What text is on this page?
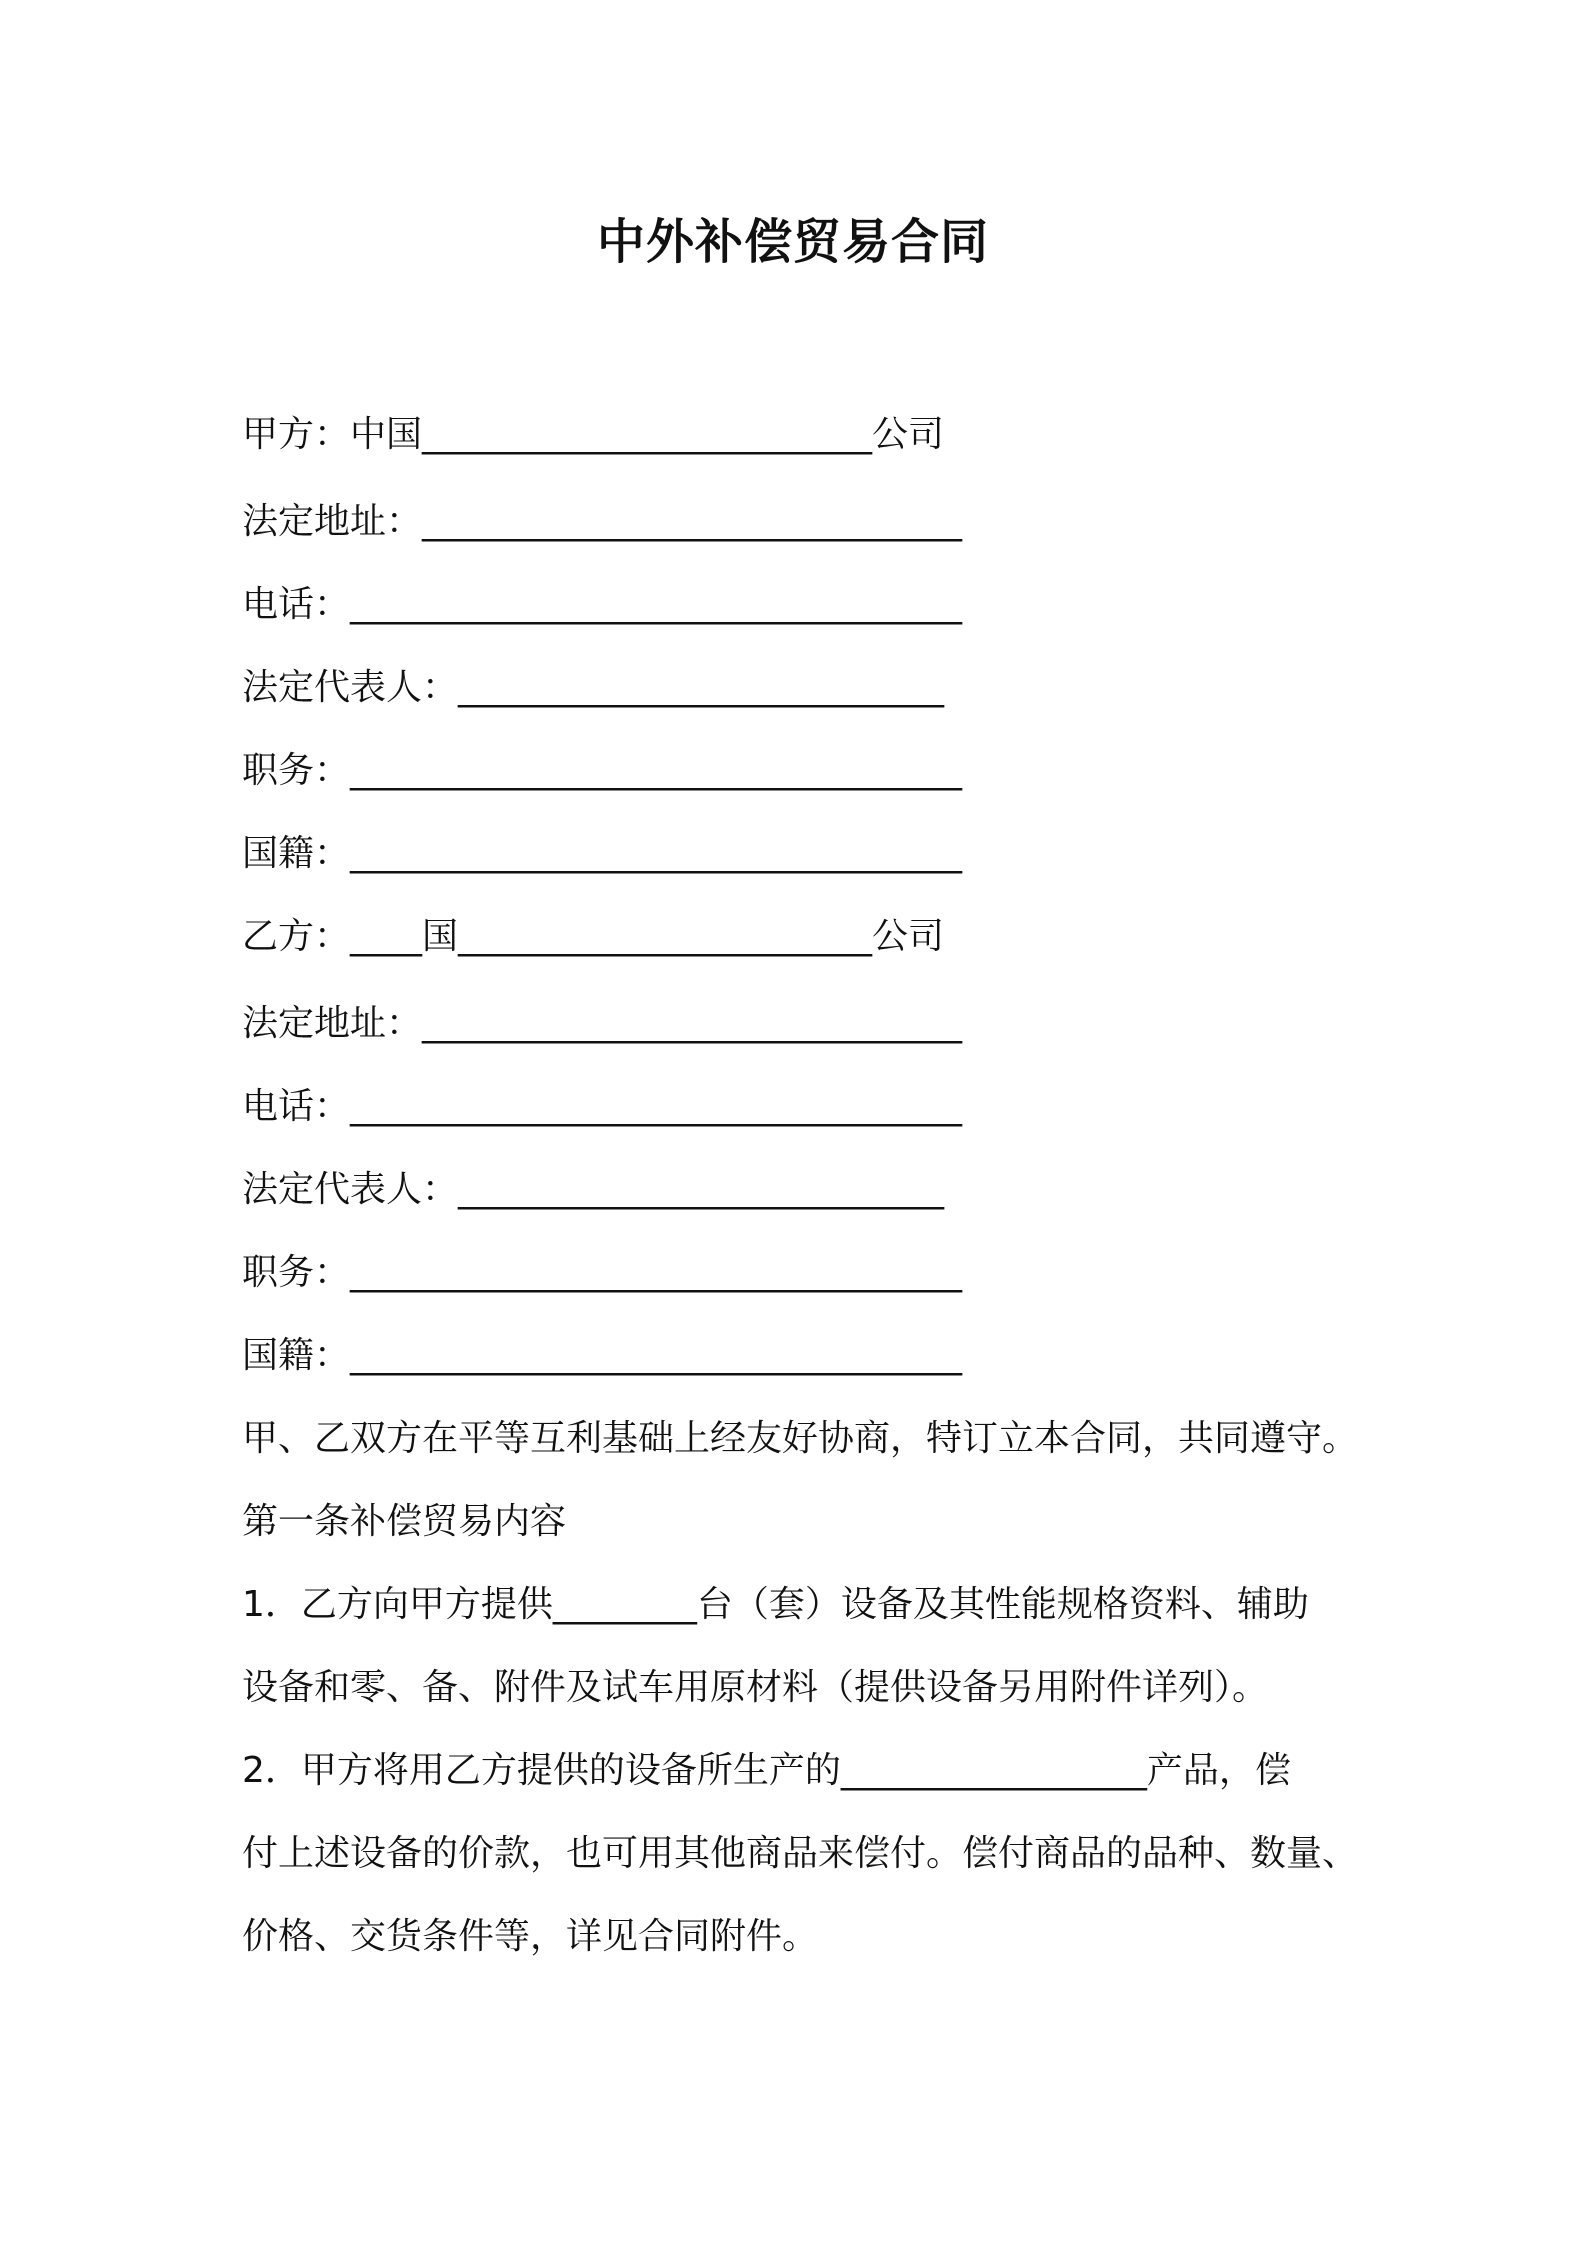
中外补偿贸易合同
甲方：中国_________________________公司
法定地址：______________________________
电话：__________________________________
法定代表人：___________________________
职务：__________________________________
国籍：__________________________________
乙方：____国_______________________公司
法定地址：______________________________
电话：__________________________________
法定代表人：___________________________
职务：__________________________________
国籍：__________________________________
甲、乙双方在平等互利基础上经友好协商，特订立本合同，共同遵守。
第一条补偿贸易内容
1．乙方向甲方提供________台（套）设备及其性能规格资料、辅助
设备和零、备、附件及试车用原材料（提供设备另用附件详列）。
2．甲方将用乙方提供的设备所生产的_________________产品，偿
付上述设备的价款，也可用其他商品来偿付。偿付商品的品种、数量、
价格、交货条件等，详见合同附件。
